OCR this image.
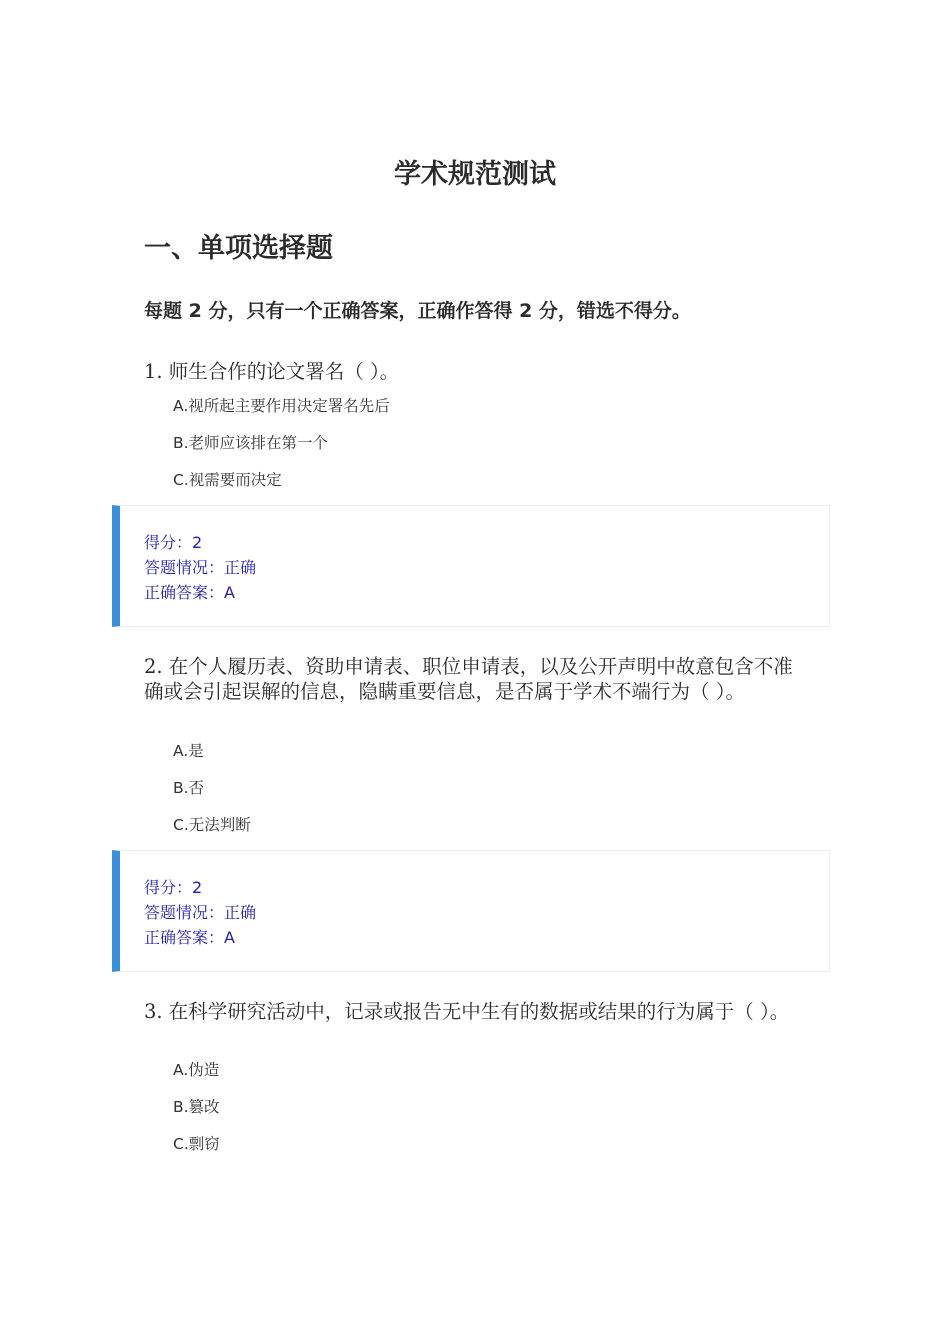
学术规范测试
一、单项选择题

每题 2 分，只有一个正确答案，正确作答得 2 分，错选不得分。

1. 师生合作的论文署名（ ）。

A.视所起主要作用决定署名先后
B.老师应该排在第一个
C.视需要而决定
得分：2
答题情况：正确
正确答案：A

2. 在个人履历表、资助申请表、职位申请表，以及公开声明中故意包含不准确或会引起误解的信息，隐瞒重要信息，是否属于学术不端行为（ ）。

A.是
B.否
C.无法判断
得分：2
答题情况：正确
正确答案：A

3. 在科学研究活动中，记录或报告无中生有的数据或结果的行为属于（ ）。

A.伪造
B.篡改
C.剽窃
